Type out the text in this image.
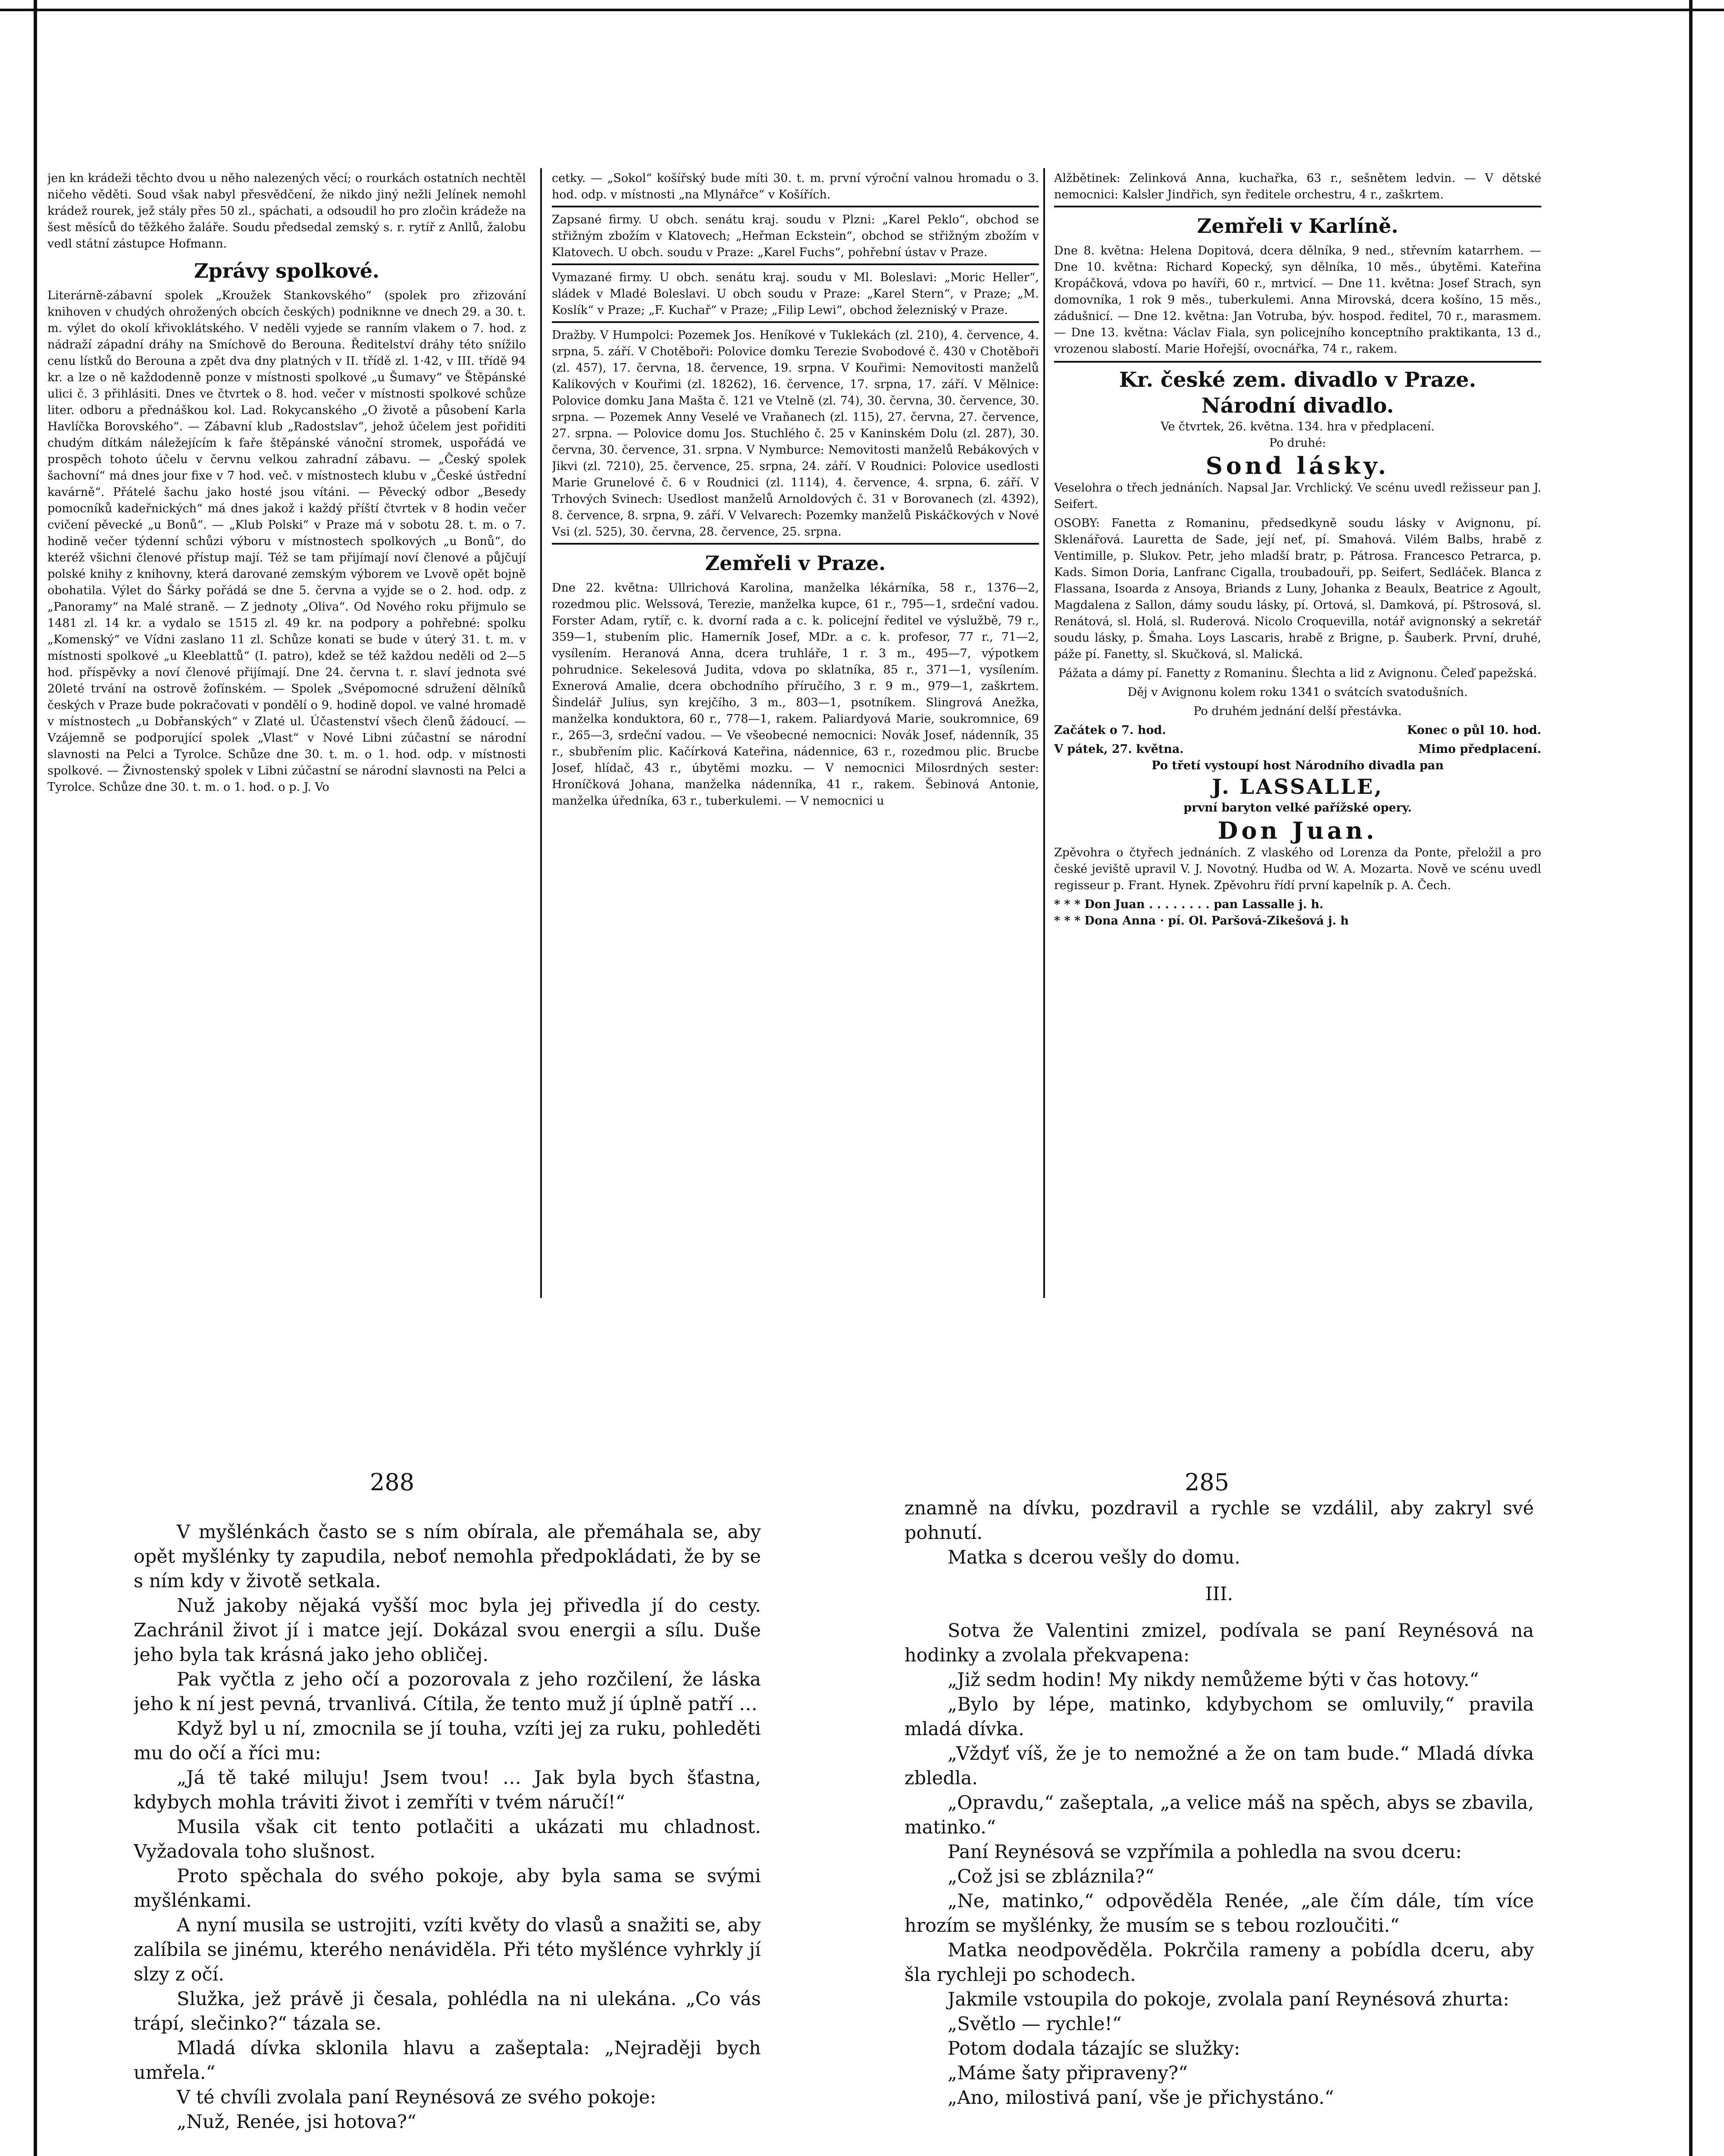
jen kn krádeži těchto dvou u něho nalezených věcí; o rourkách ostatních nechtěl ničeho věděti. Soud však nabyl přesvědčení, že nikdo jiný nežli Jelínek nemohl krádež rourek, jež stály přes 50 zl., spáchati, a odsoudil ho pro zločin krádeže na šest měsíců do těžkého žaláře. Soudu předsedal zemský s. r. rytíř z Anllů, žalobu vedl státní zástupce Hofmann.

Zprávy spolkové.

Literárně-zábavní spolek „Kroužek Stankovského“ (spolek pro zřizování knihoven v chudých ohrožených obcích českých) podniknne ve dnech 29. a 30. t. m. výlet do okolí křivoklátského. V neděli vyjede se ranním vlakem o 7. hod. z nádraží západní dráhy na Smíchově do Berouna. Ředitelství dráhy této snížilo cenu lístků do Berouna a zpět dva dny platných v II. třídě zl. 1·42, v III. třídě 94 kr. a lze o ně každodenně ponze v místnosti spolkové „u Šumavy“ ve Štěpánské ulici č. 3 přihlásiti. Dnes ve čtvrtek o 8. hod. večer v místnosti spolkové schůze liter. odboru a přednáškou kol. Lad. Rokycanského „O životě a působení Karla Havlíčka Borovského“. — Zábavní klub „Radostslav“, jehož účelem jest pořiditi chudým dítkám náležejícím k faře štěpánské vánoční stromek, uspořádá ve prospěch tohoto účelu v červnu velkou zahradní zábavu. — „Český spolek šachovní“ má dnes jour fixe v 7 hod. več. v místnostech klubu v „České ústřední kavárně“. Přátelé šachu jako hosté jsou vítáni. — Pěvecký odbor „Besedy pomocníků kadeřnických“ má dnes jakož i každý příští čtvrtek v 8 hodin večer cvičení pěvecké „u Bonů“. — „Klub Polski“ v Praze má v sobotu 28. t. m. o 7. hodině večer týdenní schůzi výboru v místnostech spolkových „u Bonů“, do kteréž všichni členové přístup mají. Též se tam přijímají noví členové a půjčují polské knihy z knihovny, která darované zemským výborem ve Lvově opět bojně obohatila. Výlet do Šárky pořádá se dne 5. června a vyjde se o 2. hod. odp. z „Panoramy“ na Malé straně. — Z jednoty „Oliva“. Od Nového roku přijmulo se 1481 zl. 14 kr. a vydalo se 1515 zl. 49 kr. na podpory a pohřebné: spolku „Komenský“ ve Vídni zaslano 11 zl. Schůze konati se bude v úterý 31. t. m. v místnosti spolkové „u Kleeblattů“ (I. patro), kdež se též každou neděli od 2—5 hod. příspěvky a noví členové přijímají. Dne 24. června t. r. slaví jednota své 20leté trvání na ostrově žofínském. — Spolek „Svépomocné sdružení dělníků českých v Praze bude pokračovati v pondělí o 9. hodině dopol. ve valné hromadě v místnostech „u Dobřanských“ v Zlaté ul. Účastenství všech členů žádoucí. — Vzájemně se podporující spolek „Vlast“ v Nové Libni zúčastní se národní slavnosti na Pelci a Tyrolce. Schůze dne 30. t. m. o 1. hod. odp. v místnosti spolkové. — Živnostenský spolek v Libni zúčastní se národní slavnosti na Pelci a Tyrolce. Schůze dne 30. t. m. o 1. hod. o p. J. Vo

cetky. — „Sokol“ košířský bude míti 30. t. m. první výroční valnou hromadu o 3. hod. odp. v místnosti „na Mlynářce“ v Košířích.

Zapsané firmy. U obch. senátu kraj. soudu v Plzni: „Karel Peklo“, obchod se střižným zbožím v Klatovech; „Heřman Eckstein“, obchod se střižným zbožím v Klatovech. U obch. soudu v Praze: „Karel Fuchs“, pohřební ústav v Praze.

Vymazané firmy. U obch. senátu kraj. soudu v Ml. Boleslavi: „Moric Heller“, sládek v Mladé Boleslavi. U obch soudu v Praze: „Karel Stern“, v Praze; „M. Koslík“ v Praze; „F. Kuchař“ v Praze; „Filip Lewi“, obchod železniský v Praze.

Dražby. V Humpolci: Pozemek Jos. Heníkové v Tuklekách (zl. 210), 4. července, 4. srpna, 5. září. V Chotěboři: Polovice domku Terezie Svobodové č. 430 v Chotěboři (zl. 457), 17. června, 18. července, 19. srpna. V Kouřimi: Nemovitosti manželů Kalikových v Kouřimi (zl. 18262), 16. července, 17. srpna, 17. září. V Mělnice: Polovice domku Jana Mašta č. 121 ve Vtelně (zl. 74), 30. června, 30. července, 30. srpna. — Pozemek Anny Veselé ve Vraňanech (zl. 115), 27. června, 27. července, 27. srpna. — Polovice domu Jos. Stuchlého č. 25 v Kaninském Dolu (zl. 287), 30. června, 30. července, 31. srpna. V Nymburce: Nemovitosti manželů Rebákových v Jikvi (zl. 7210), 25. července, 25. srpna, 24. září. V Roudnici: Polovice usedlosti Marie Grunelové č. 6 v Roudnici (zl. 1114), 4. července, 4. srpna, 6. září. V Trhových Svinech: Usedlost manželů Arnoldových č. 31 v Borovanech (zl. 4392), 8. července, 8. srpna, 9. září. V Velvarech: Pozemky manželů Piskáčkových v Nové Vsi (zl. 525), 30. června, 28. července, 25. srpna.

Zemřeli v Praze.

Dne 22. května: Ullrichová Karolina, manželka lékárníka, 58 r., 1376—2, rozedmou plic. Welssová, Terezie, manželka kupce, 61 r., 795—1, srdeční vadou. Forster Adam, rytíř, c. k. dvorní rada a c. k. policejní ředitel ve výslužbě, 79 r., 359—1, stubením plic. Hamerník Josef, MDr. a c. k. profesor, 77 r., 71—2, vysílením. Heranová Anna, dcera truhláře, 1 r. 3 m., 495—7, výpotkem pohrudnice. Sekelesová Judita, vdova po sklatníka, 85 r., 371—1, vysílením. Exnerová Amalie, dcera obchodního příručího, 3 r. 9 m., 979—1, zaškrtem. Šindelář Julius, syn krejčího, 3 m., 803—1, psotníkem. Slingrová Anežka, manželka konduktora, 60 r., 778—1, rakem. Paliardyová Marie, soukromnice, 69 r., 265—3, srdeční vadou. — Ve všeobecné nemocnici: Novák Josef, nádenník, 35 r., sbubřením plic. Kačírková Kateřina, nádennice, 63 r., rozedmou plic. Brucbe Josef, hlídač, 43 r., úbytěmi mozku. — V nemocnici Milosrdných sester: Hroníčková Johana, manželka nádenníka, 41 r., rakem. Šebinová Antonie, manželka úředníka, 63 r., tuberkulemi. — V nemocnici u

Alžbětinek: Zelinková Anna, kuchařka, 63 r., sešnětem ledvin. — V dětské nemocnici: Kalsler Jindřich, syn ředitele orchestru, 4 r., zaškrtem.

Zemřeli v Karlíně.

Dne 8. května: Helena Dopitová, dcera dělníka, 9 ned., střevním katarrhem. — Dne 10. května: Richard Kopecký, syn dělníka, 10 měs., úbytěmi. Kateřina Kropáčková, vdova po havíři, 60 r., mrtvicí. — Dne 11. května: Josef Strach, syn domovníka, 1 rok 9 měs., tuberkulemi. Anna Mirovská, dcera košíno, 15 měs., zádušnicí. — Dne 12. května: Jan Votruba, býv. hospod. ředitel, 70 r., marasmem. — Dne 13. května: Václav Fiala, syn policejního konceptního praktikanta, 13 d., vrozenou slabostí. Marie Hořejší, ovocnářka, 74 r., rakem.

Kr. české zem. divadlo v Praze.
Národní divadlo.
Ve čtvrtek, 26. května. 134. hra v předplacení.
Po druhé:
Sond lásky.

Veselohra o třech jednáních. Napsal Jar. Vrchlický. Ve scénu uvedl režisseur pan J. Seifert.

OSOBY: Fanetta z Romaninu, předsedkyně soudu lásky v Avignonu, pí. Sklenářová. Lauretta de Sade, její neť, pí. Smahová. Vilém Balbs, hrabě z Ventimille, p. Slukov. Petr, jeho mladší bratr, p. Pátrosa. Francesco Petrarca, p. Kads. Simon Doria, Lanfranc Cigalla, troubadouři, pp. Seifert, Sedláček. Blanca z Flassana, Isoarda z Ansoya, Briands z Luny, Johanka z Beaulx, Beatrice z Agoult, Magdalena z Sallon, dámy soudu lásky, pí. Ortová, sl. Damková, pí. Pštrosová, sl. Renátová, sl. Holá, sl. Ruderová. Nicolo Croquevilla, notář avignonský a sekretář soudu lásky, p. Šmaha. Loys Lascaris, hrabě z Brigne, p. Šauberk. První, druhé, páže pí. Fanetty, sl. Skučková, sl. Malická.

Pážata a dámy pí. Fanetty z Romaninu. Šlechta a lid z Avignonu. Čeleď papežská.

Děj v Avignonu kolem roku 1341 o svátcích svatodušních.

Po druhém jednání delší přestávka.

Začátek o 7. hod.	Konec o půl 10. hod.
V pátek, 27. května.	Mimo předplacení.
Po třetí vystoupí host Národního divadla pan
J. LASSALLE,
první baryton velké pařížské opery.
Don Juan.

Zpěvohra o čtyřech jednáních. Z vlaského od Lorenza da Ponte, přeložil a pro české jeviště upravil V. J. Novotný. Hudba od W. A. Mozarta. Nově ve scénu uvedl regisseur p. Frant. Hynek. Zpěvohru řídí první kapelník p. A. Čech.

* * * Don Juan . . . . . . . . pan Lassalle j. h.
* * * Dona Anna · pí. Ol. Paršová-Zikešová j. h
288	285

V myšlénkách často se s ním obírala, ale přemáhala se, aby opět myšlénky ty zapudila, neboť nemohla předpokládati, že by se s ním kdy v životě setkala.

Nuž jakoby nějaká vyšší moc byla jej přivedla jí do cesty. Zachránil život jí i matce její. Dokázal svou energii a sílu. Duše jeho byla tak krásná jako jeho obličej.

Pak vyčtla z jeho očí a pozorovala z jeho rozčilení, že láska jeho k ní jest pevná, trvanlivá. Cítila, že tento muž jí úplně patří …

Když byl u ní, zmocnila se jí touha, vzíti jej za ruku, pohleděti mu do očí a říci mu:

„Já tě také miluju! Jsem tvou! … Jak byla bych šťastna, kdybych mohla tráviti život i zemříti v tvém náručí!“

Musila však cit tento potlačiti a ukázati mu chladnost. Vyžadovala toho slušnost.

Proto spěchala do svého pokoje, aby byla sama se svými myšlénkami.

A nyní musila se ustrojiti, vzíti květy do vlasů a snažiti se, aby zalíbila se jinému, kterého nenáviděla. Při této myšlénce vyhrkly jí slzy z očí.

Služka, jež právě ji česala, pohlédla na ni ulekána. „Co vás trápí, slečinko?“ tázala se.

Mladá dívka sklonila hlavu a zašeptala: „Nejraději bych umřela.“

V té chvíli zvolala paní Reynésová ze svého pokoje:

„Nuž, Renée, jsi hotova?“

znamně na dívku, pozdravil a rychle se vzdálil, aby zakryl své pohnutí.

Matka s dcerou vešly do domu.

III.

Sotva že Valentini zmizel, podívala se paní Reynésová na hodinky a zvolala překvapena:

„Již sedm hodin! My nikdy nemůžeme býti v čas hotovy.“

„Bylo by lépe, matinko, kdybychom se omluvily,“ pravila mladá dívka.

„Vždyť víš, že je to nemožné a že on tam bude.“ Mladá dívka zbledla.

„Opravdu,“ zašeptala, „a velice máš na spěch, abys se zbavila, matinko.“

Paní Reynésová se vzpřímila a pohledla na svou dceru:

„Což jsi se zbláznila?“

„Ne, matinko,“ odpověděla Renée, „ale čím dále, tím více hrozím se myšlénky, že musím se s tebou rozloučiti.“

Matka neodpověděla. Pokrčila rameny a pobídla dceru, aby šla rychleji po schodech.

Jakmile vstoupila do pokoje, zvolala paní Reynésová zhurta:

„Světlo — rychle!“

Potom dodala tázajíc se služky:

„Máme šaty připraveny?“

„Ano, milostivá paní, vše je přichystáno.“
